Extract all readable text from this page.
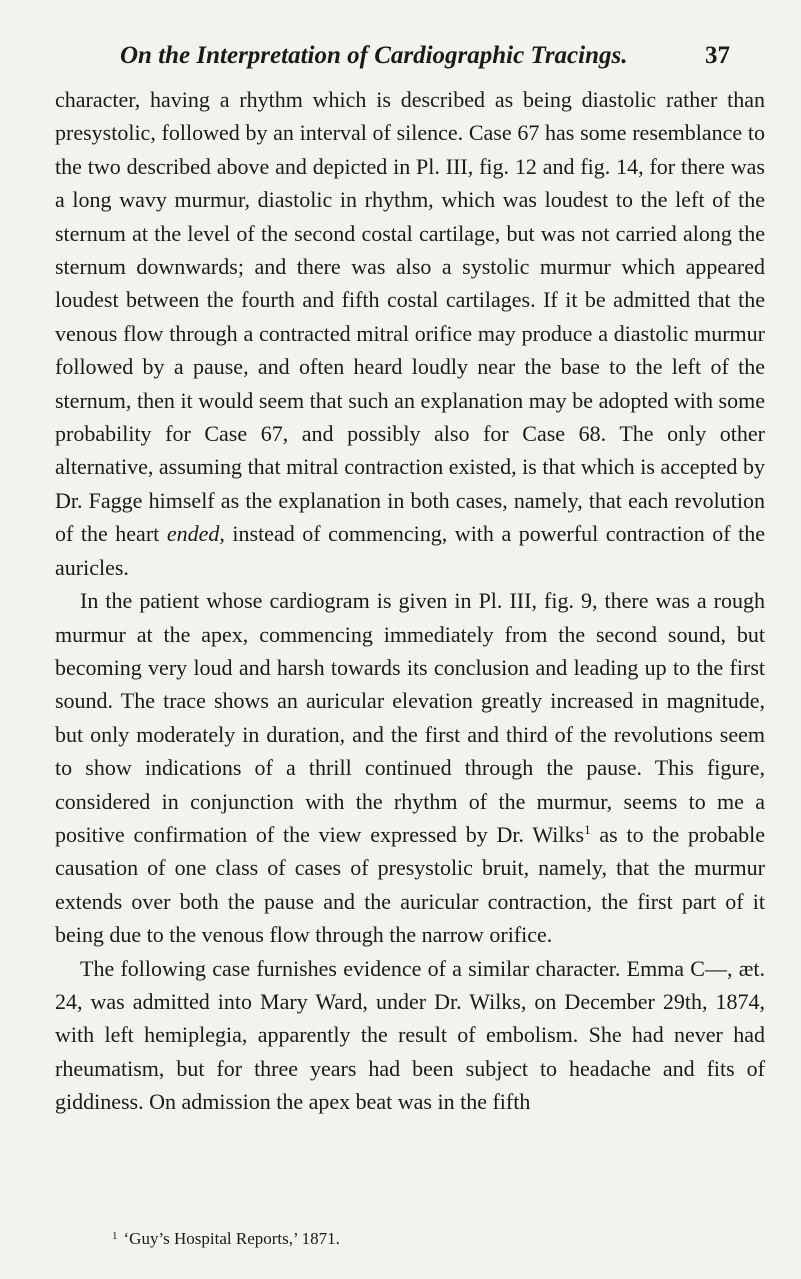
On the Interpretation of Cardiographic Tracings.	37

character, having a rhythm which is described as being diastolic rather than presystolic, followed by an interval of silence. Case 67 has some resemblance to the two described above and depicted in Pl. III, fig. 12 and fig. 14, for there was a long wavy murmur, diastolic in rhythm, which was loudest to the left of the sternum at the level of the second costal cartilage, but was not carried along the sternum downwards; and there was also a systolic murmur which appeared loudest between the fourth and fifth costal cartilages. If it be admitted that the venous flow through a contracted mitral orifice may produce a diastolic murmur followed by a pause, and often heard loudly near the base to the left of the sternum, then it would seem that such an explanation may be adopted with some probability for Case 67, and possibly also for Case 68. The only other alternative, assuming that mitral contraction existed, is that which is accepted by Dr. Fagge himself as the explanation in both cases, namely, that each revolution of the heart ended, instead of commencing, with a powerful contraction of the auricles.

In the patient whose cardiogram is given in Pl. III, fig. 9, there was a rough murmur at the apex, commencing immediately from the second sound, but becoming very loud and harsh towards its conclusion and leading up to the first sound. The trace shows an auricular elevation greatly increased in magnitude, but only moderately in duration, and the first and third of the revolutions seem to show indications of a thrill continued through the pause. This figure, considered in conjunction with the rhythm of the murmur, seems to me a positive confirmation of the view expressed by Dr. Wilks$^1$ as to the probable causation of one class of cases of presystolic bruit, namely, that the murmur extends over both the pause and the auricular contraction, the first part of it being due to the venous flow through the narrow orifice.

The following case furnishes evidence of a similar character. Emma C—, æt. 24, was admitted into Mary Ward, under Dr. Wilks, on December 29th, 1874, with left hemiplegia, apparently the result of embolism. She had never had rheumatism, but for three years had been subject to headache and fits of giddiness. On admission the apex beat was in the fifth

$^1$ ‘Guy’s Hospital Reports,’ 1871.
